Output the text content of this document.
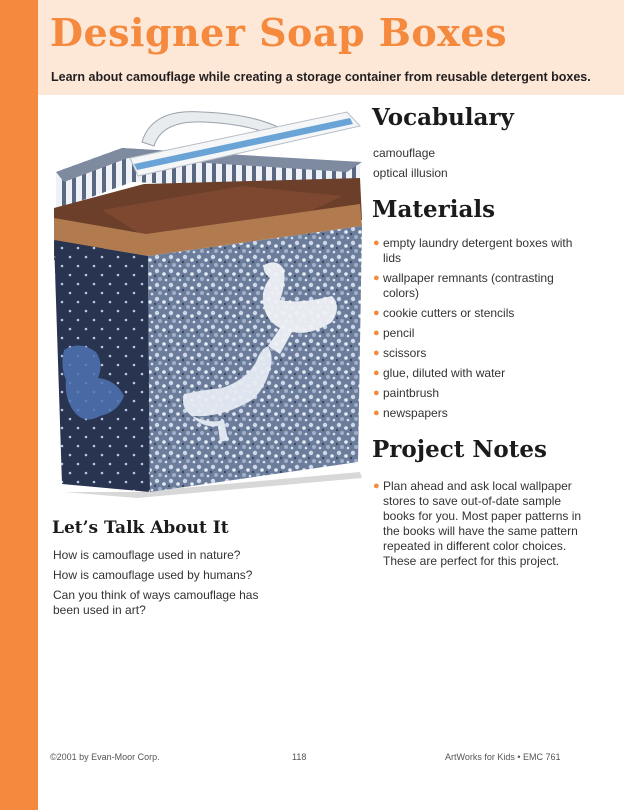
Designer Soap Boxes

Learn about camouflage while creating a storage container from reusable detergent boxes.

Vocabulary
camouflage
optical illusion
Materials
● empty laundry detergent boxes with lids
● wallpaper remnants (contrasting colors)
● cookie cutters or stencils
● pencil
● scissors
● glue, diluted with water
● paintbrush
● newspapers
Project Notes
● Plan ahead and ask local wallpaper stores to save out-of-date sample books for you. Most paper patterns in the books will have the same pattern repeated in different color choices. These are perfect for this project.
Let’s Talk About It
How is camouflage used in nature?
How is camouflage used by humans?
Can you think of ways camouflage has been used in art?

©2001 by Evan-Moor Corp.	118	ArtWorks for Kids • EMC 761
